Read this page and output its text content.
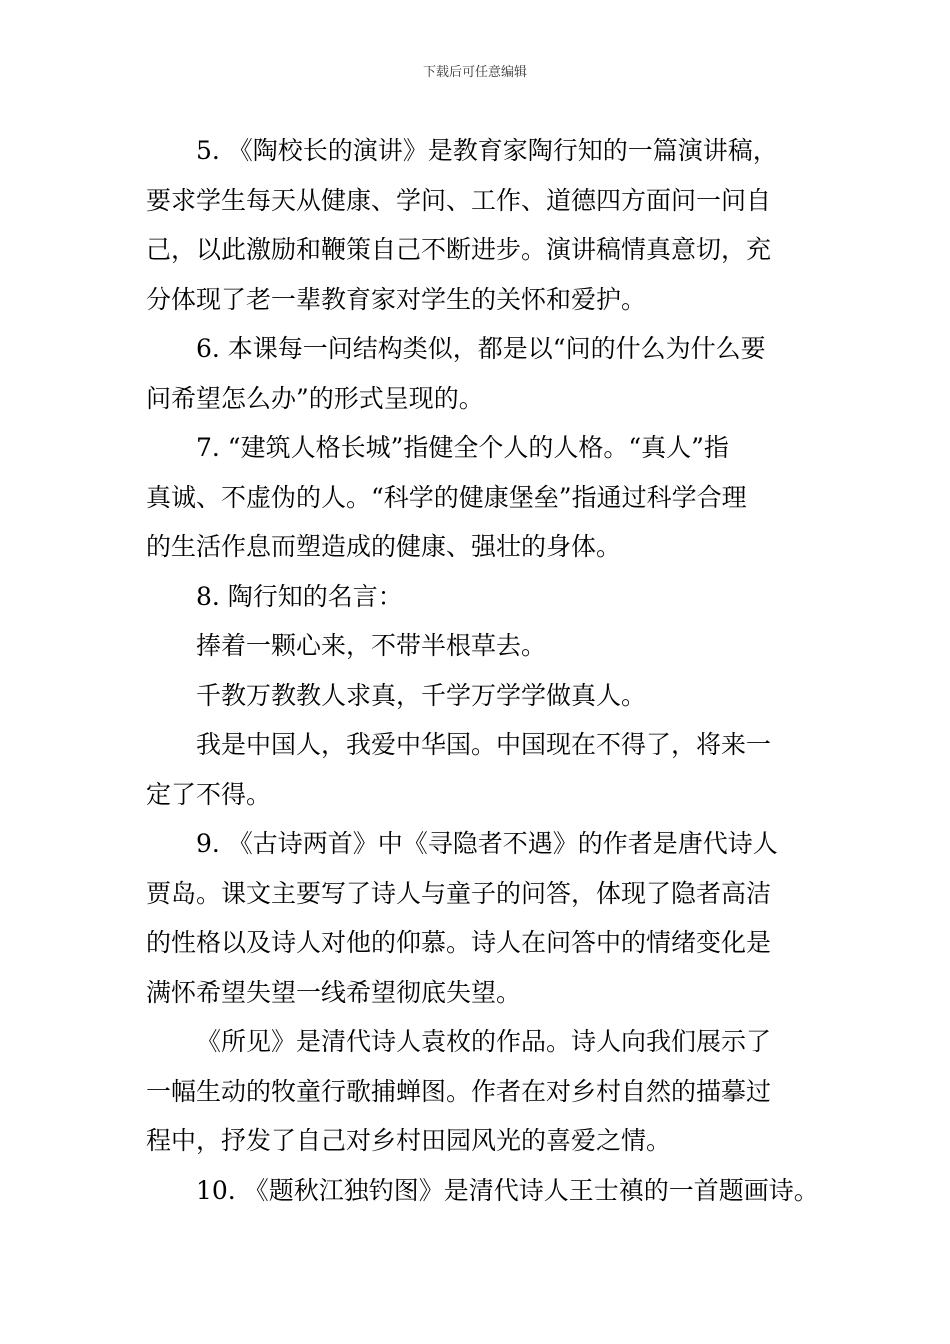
下载后可任意编辑

5. 《陶校长的演讲》是教育家陶行知的一篇演讲稿，

要求学生每天从健康、学问、工作、道德四方面问一问自

己，以此激励和鞭策自己不断进步。演讲稿情真意切，充

分体现了老一辈教育家对学生的关怀和爱护。

6. 本课每一问结构类似，都是以“问的什么为什么要

问希望怎么办”的形式呈现的。

7. “建筑人格长城”指健全个人的人格。“真人”指

真诚、不虚伪的人。“科学的健康堡垒”指通过科学合理

的生活作息而塑造成的健康、强壮的身体。

8. 陶行知的名言：

捧着一颗心来，不带半根草去。

千教万教教人求真，千学万学学做真人。

我是中国人，我爱中华国。中国现在不得了，将来一

定了不得。

9. 《古诗两首》中《寻隐者不遇》的作者是唐代诗人

贾岛。课文主要写了诗人与童子的问答，体现了隐者高洁

的性格以及诗人对他的仰慕。诗人在问答中的情绪变化是

满怀希望失望一线希望彻底失望。

《所见》是清代诗人袁枚的作品。诗人向我们展示了

一幅生动的牧童行歌捕蝉图。作者在对乡村自然的描摹过

程中，抒发了自己对乡村田园风光的喜爱之情。

10. 《题秋江独钓图》是清代诗人王士禛的一首题画诗。
